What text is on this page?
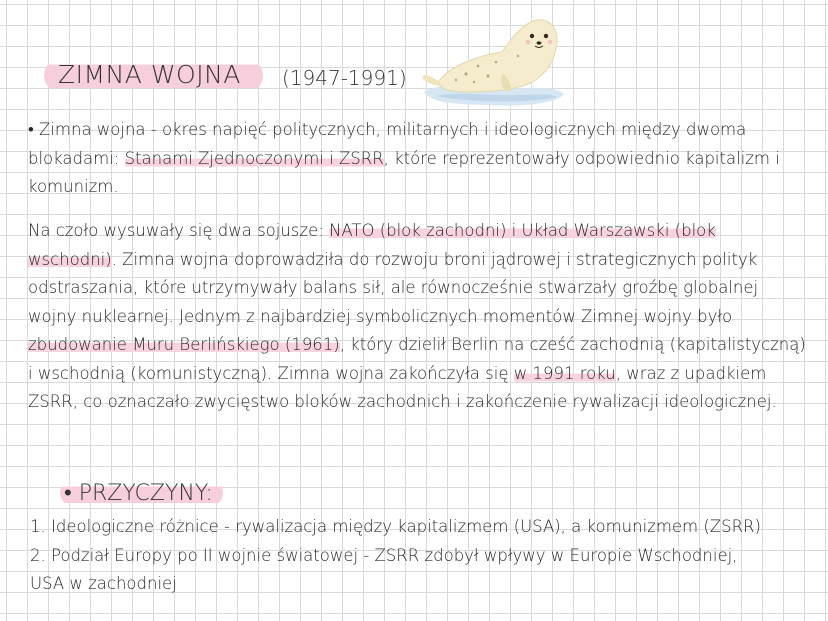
ZIMNA WOJNA	(1947-1991)

• Zimna wojna - okres napięć politycznych, militarnych i ideologicznych między dwoma blokadami: Stanami Zjednoczonymi i ZSRR, które reprezentowały odpowiednio kapitalizm i komunizm.

Na czoło wysuwały się dwa sojusze: NATO (blok zachodni) i Układ Warszawski (blok wschodni). Zimna wojna doprowadziła do rozwoju broni jądrowej i strategicznych polityk odstraszania, które utrzymywały balans sił, ale równocześnie stwarzały groźbę globalnej wojny nuklearnej. Jednym z najbardziej symbolicznych momentów Zimnej wojny było zbudowanie Muru Berlińskiego (1961), który dzielił Berlin na cześć zachodnią (kapitalistyczną) i wschodnią (komunistyczną). Zimna wojna zakończyła się w 1991 roku, wraz z upadkiem ZSRR, co oznaczało zwycięstwo bloków zachodnich i zakończenie rywalizacji ideologicznej.

• PRZYCZYNY:
1. Ideologiczne różnice - rywalizacja między kapitalizmem (USA), a komunizmem (ZSRR)
2. Podział Europy po II wojnie światowej - ZSRR zdobył wpływy w Europie Wschodniej,
USA w zachodniej
